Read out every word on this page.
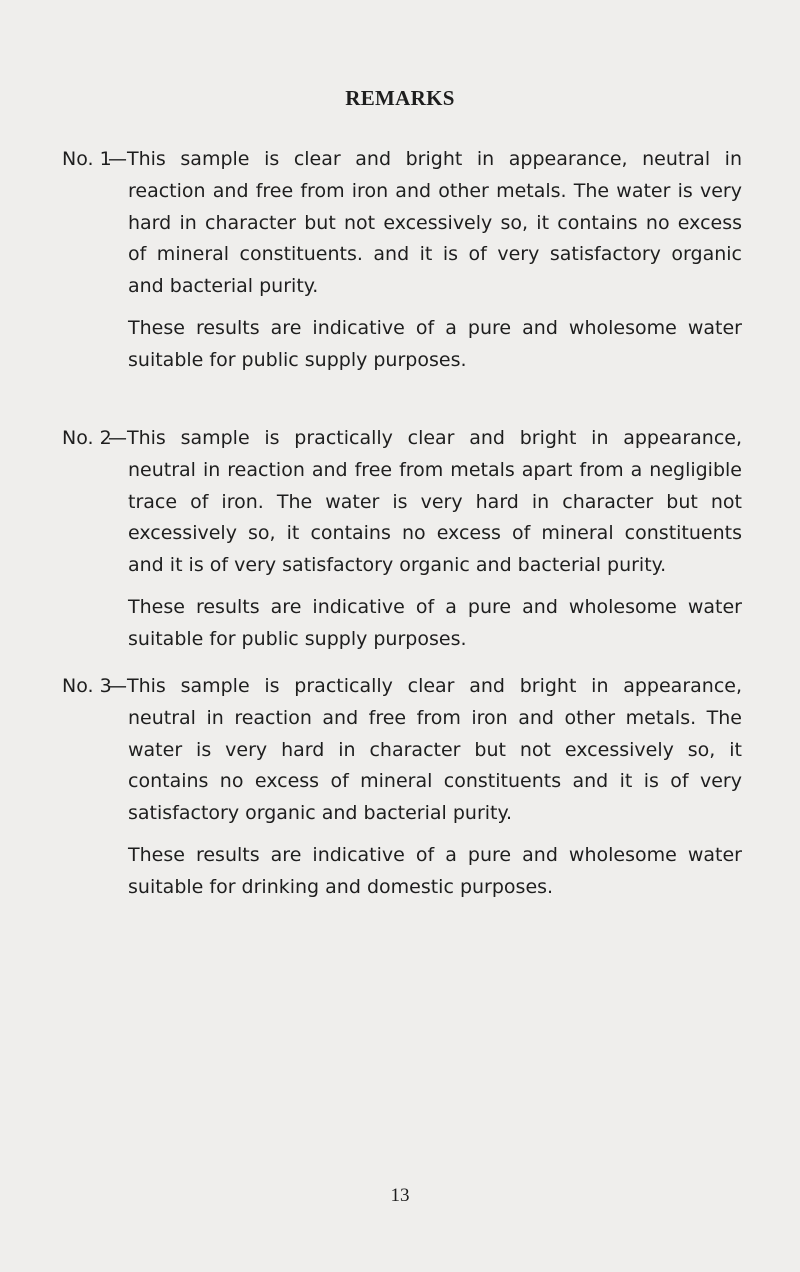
REMARKS
No. 1

—This sample is clear and bright in appearance, neutral in reaction and free from iron and other metals. The water is very hard in character but not excessively so, it contains no excess of mineral constituents. and it is of very satisfactory organic and bacterial purity.

These results are indicative of a pure and wholesome water suitable for public supply purposes.

No. 2

—This sample is practically clear and bright in appearance, neutral in reaction and free from metals apart from a negligible trace of iron. The water is very hard in character but not excessively so, it contains no excess of mineral constituents and it is of very satisfactory organic and bacterial purity.

These results are indicative of a pure and wholesome water suitable for public supply purposes.

No. 3

—This sample is practically clear and bright in appearance, neutral in reaction and free from iron and other metals. The water is very hard in character but not excessively so, it contains no excess of mineral constituents and it is of very satisfactory organic and bacterial purity.

These results are indicative of a pure and wholesome water suitable for drinking and domestic purposes.

13
